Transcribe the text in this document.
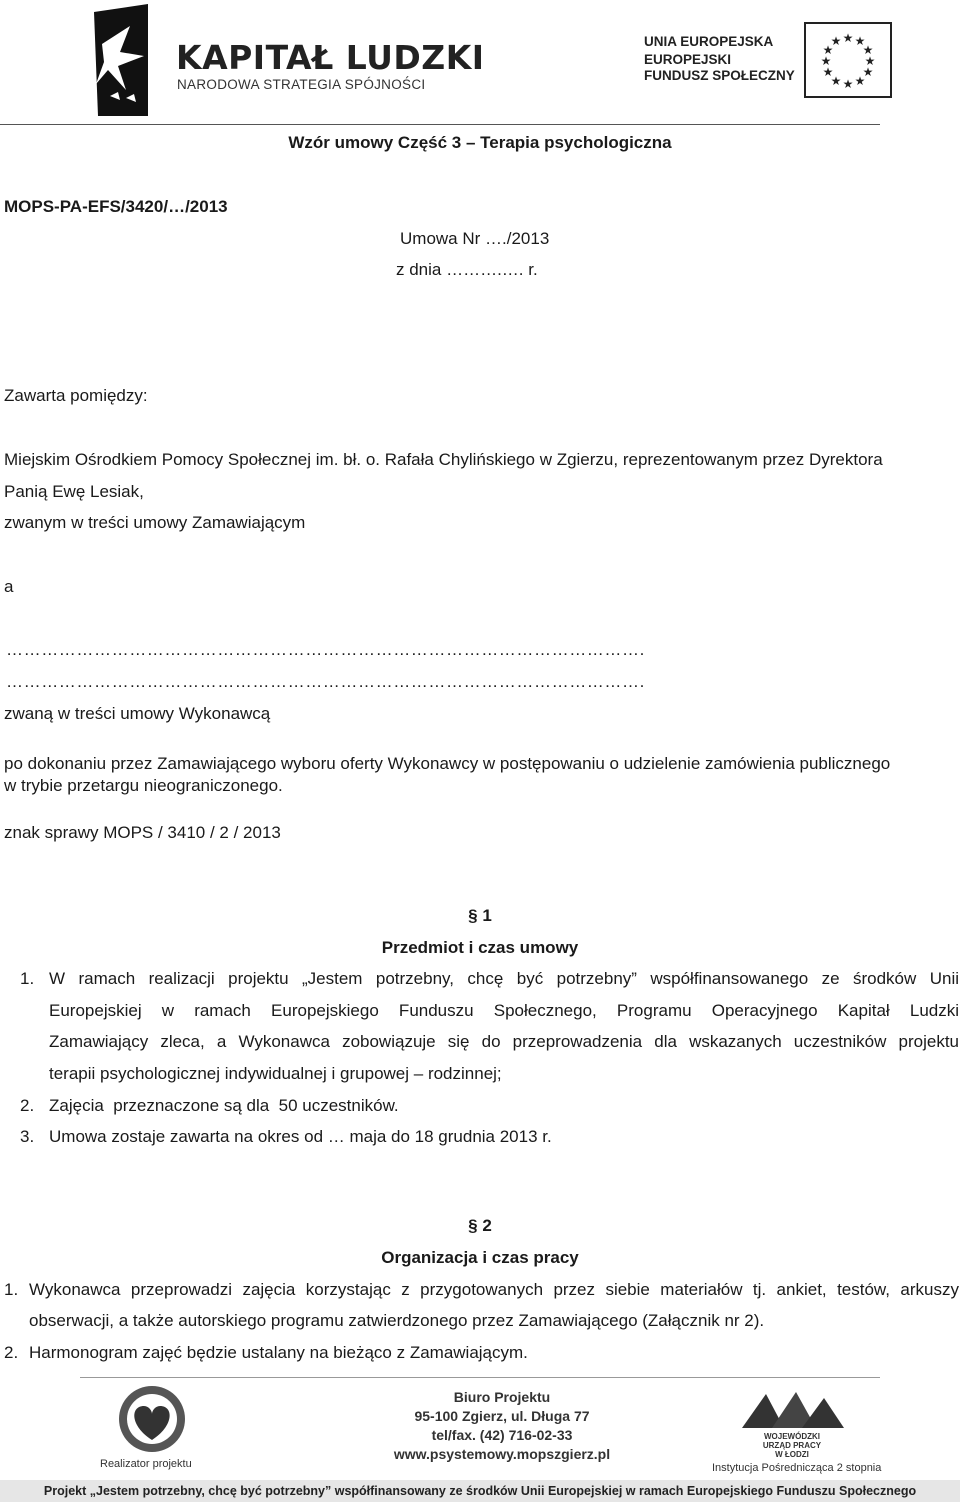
KAPITAŁ LUDZKI
NARODOWA STRATEGIA SPÓJNOŚCI
UNIA EUROPEJSKA
EUROPEJSKI
FUNDUSZ SPOŁECZNY
★ ★
★
★
★
★
★
★
★
★
★
★
Wzór umowy Część 3 – Terapia psychologiczna
MOPS-PA-EFS/3420/…/2013
Umowa Nr …./2013
z dnia ……….…. r.
Zawarta pomiędzy:
Miejskim Ośrodkiem Pomocy Społecznej im. bł. o. Rafała Chylińskiego w Zgierzu, reprezentowanym przez Dyrektora
Panią Ewę Lesiak,
zwanym w treści umowy Zamawiającym
a
……………………………………………………………………………………………….
……………………………………………………………………………………………….
zwaną w treści umowy Wykonawcą
po dokonaniu przez Zamawiającego wyboru oferty Wykonawcy w postępowaniu o udzielenie zamówienia publicznego
w trybie przetargu nieograniczonego.
znak sprawy MOPS / 3410 / 2 / 2013
§ 1
Przedmiot i czas umowy
1. W ramach realizacji projektu „Jestem potrzebny, chcę być potrzebny” współfinansowanego ze środków Unii
Europejskiej w ramach Europejskiego Funduszu Społecznego, Programu Operacyjnego Kapitał Ludzki
Zamawiający zleca, a Wykonawca zobowiązuje się do przeprowadzenia dla wskazanych uczestników projektu
terapii psychologicznej indywidualnej i grupowej – rodzinnej;
2. Zajęcia  przeznaczone są dla  50 uczestników.
3. Umowa zostaje zawarta na okres od … maja do 18 grudnia 2013 r.
§ 2
Organizacja i czas pracy
1. Wykonawca przeprowadzi zajęcia korzystając z przygotowanych przez siebie materiałów tj. ankiet, testów, arkuszy
obserwacji, a także autorskiego programu zatwierdzonego przez Zamawiającego (Załącznik nr 2).
2. Harmonogram zajęć będzie ustalany na bieżąco z Zamawiającym.
Realizator projektu
Biuro Projektu
95-100 Zgierz, ul. Długa 77
tel/fax. (42) 716-02-33
www.psystemowy.mopszgierz.pl
WOJEWÓDZKI
URZĄD PRACY
W ŁODZI
Instytucja Pośrednicząca 2 stopnia
Projekt „Jestem potrzebny, chcę być potrzebny” współfinansowany ze środków Unii Europejskiej w ramach Europejskiego Funduszu Społecznego
